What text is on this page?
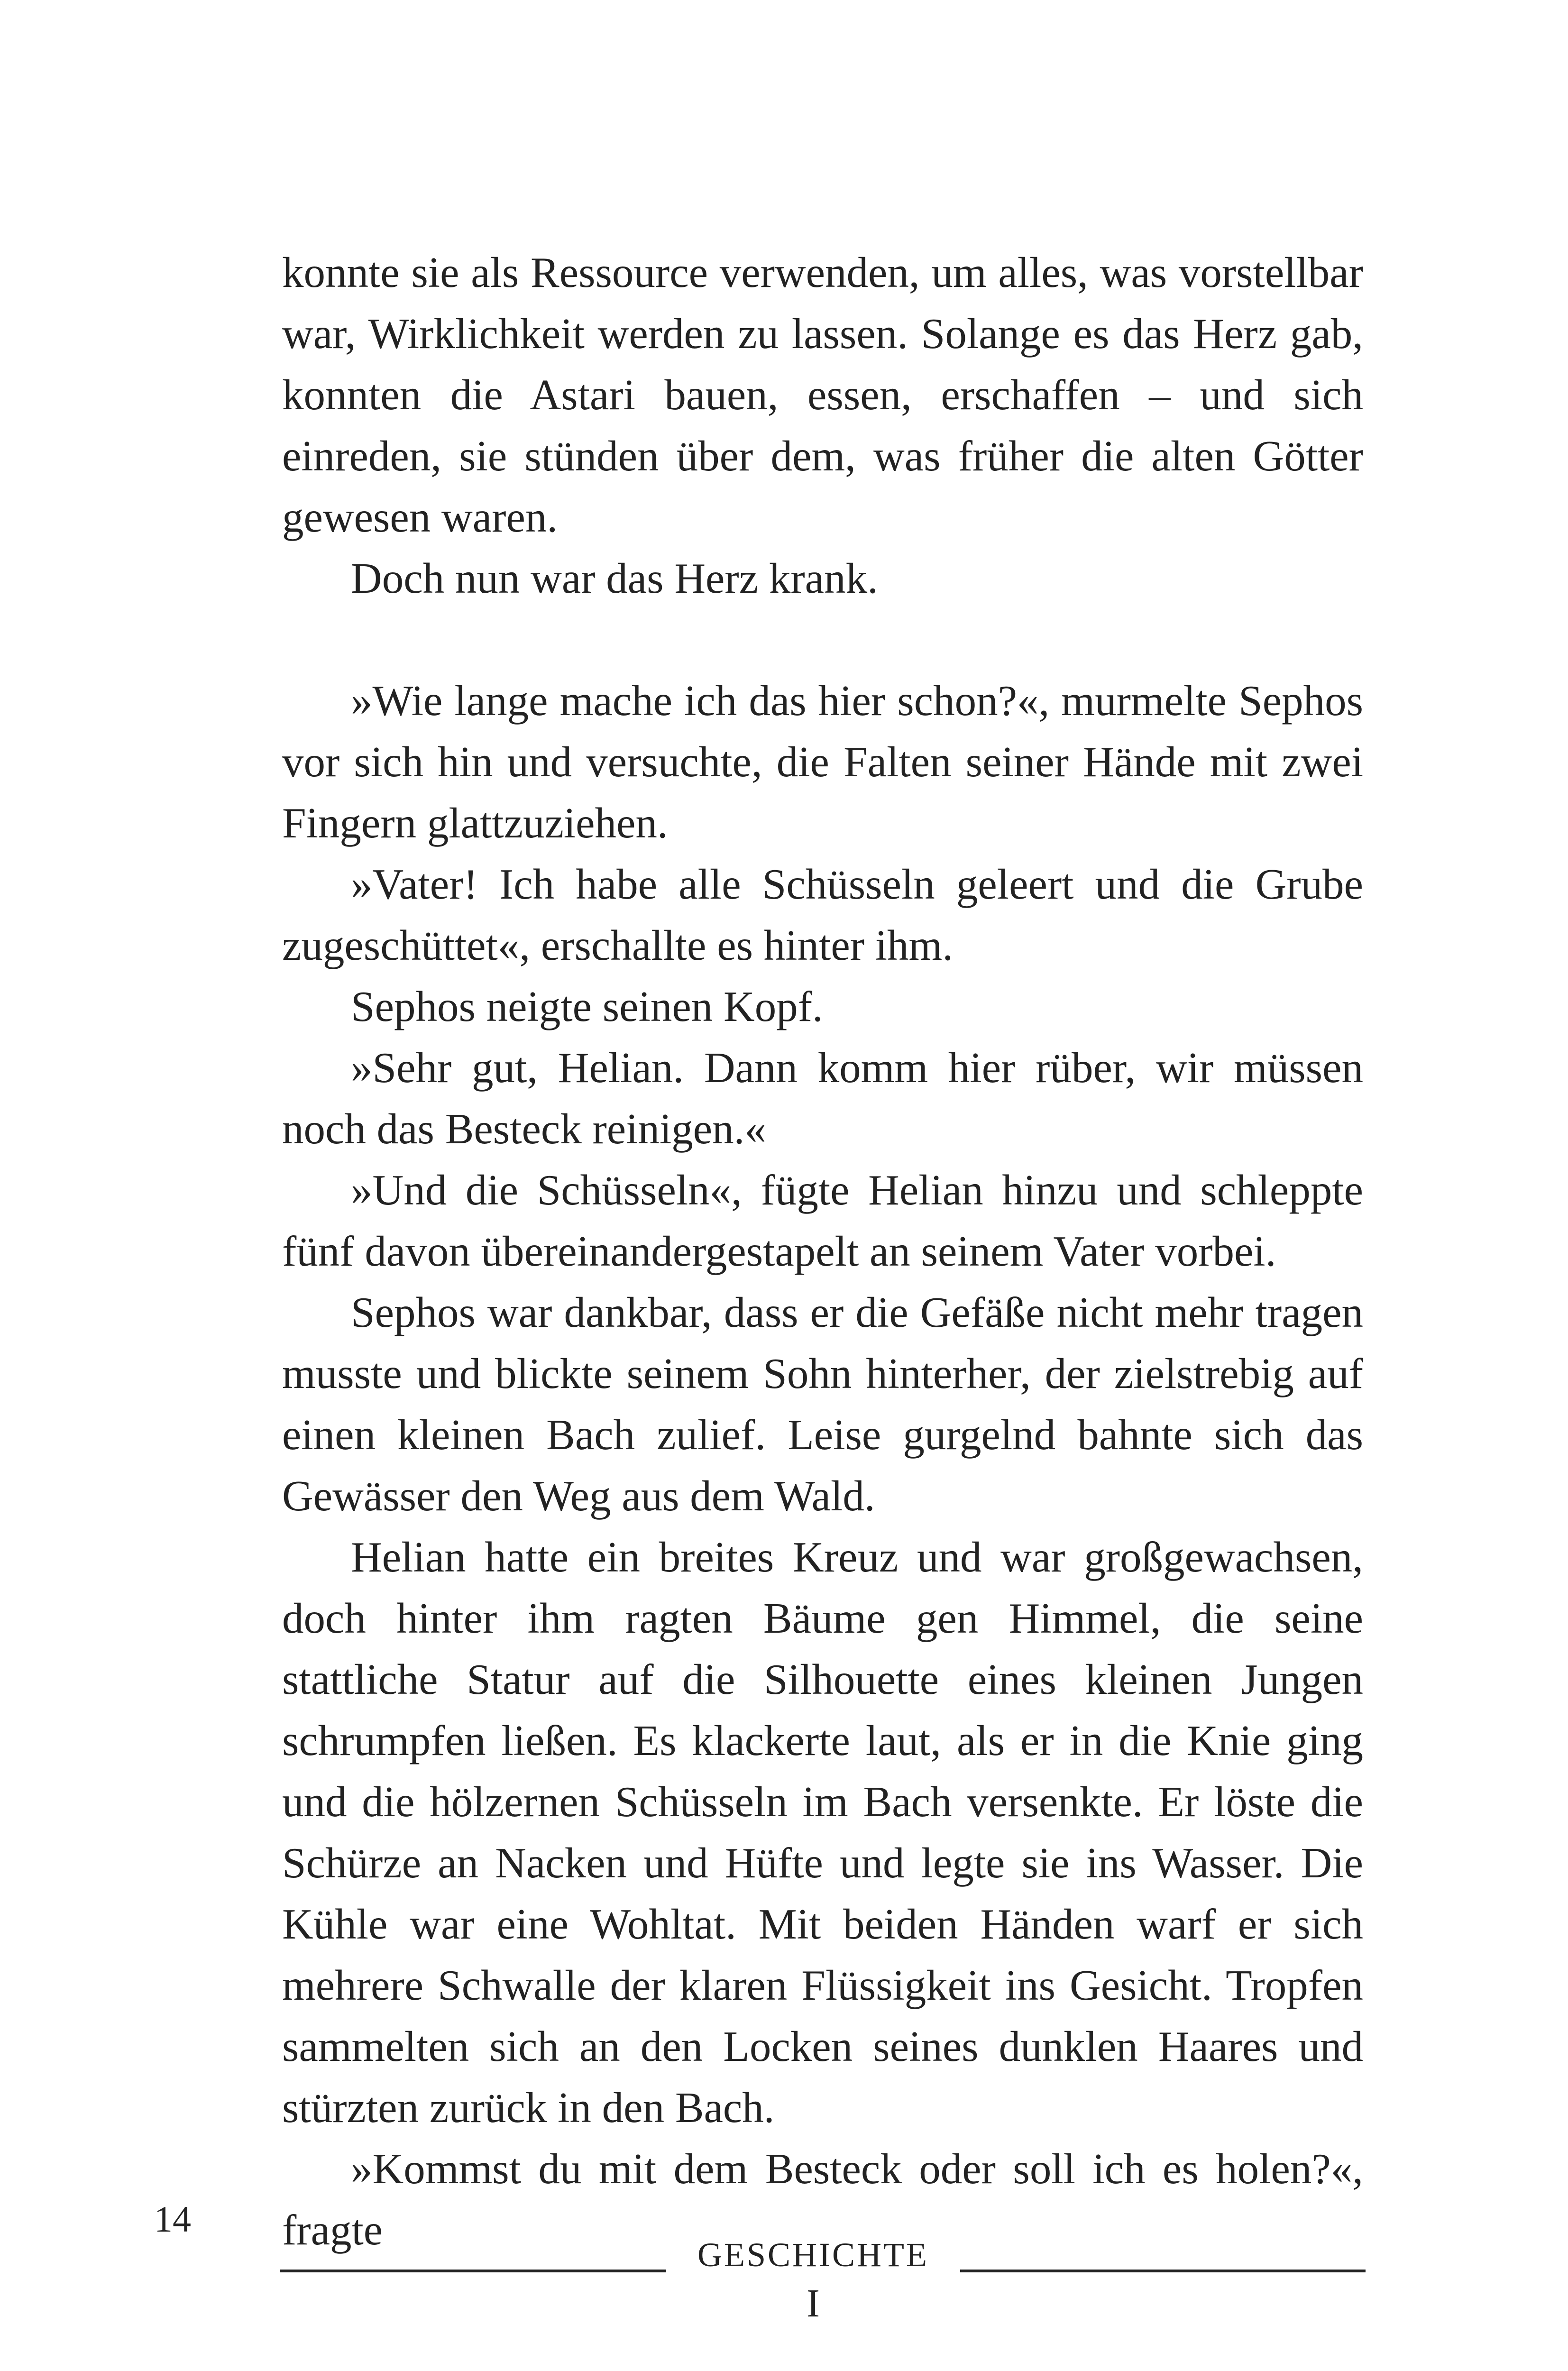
konnte sie als Ressource verwenden, um alles, was vorstellbar war, Wirklichkeit werden zu lassen. Solange es das Herz gab, konnten die Astari bauen, essen, erschaffen – und sich einreden, sie stünden über dem, was früher die alten Götter gewesen waren.

Doch nun war das Herz krank.

»Wie lange mache ich das hier schon?«, murmelte Sephos vor sich hin und versuchte, die Falten seiner Hände mit zwei Fingern glattzuziehen.

»Vater! Ich habe alle Schüsseln geleert und die Grube zugeschüttet«, erschallte es hinter ihm.

Sephos neigte seinen Kopf.

»Sehr gut, Helian. Dann komm hier rüber, wir müssen noch das Besteck reinigen.«

»Und die Schüsseln«, fügte Helian hinzu und schleppte fünf davon übereinandergestapelt an seinem Vater vorbei.

Sephos war dankbar, dass er die Gefäße nicht mehr tragen musste und blickte seinem Sohn hinterher, der zielstrebig auf einen kleinen Bach zulief. Leise gurgelnd bahnte sich das Gewässer den Weg aus dem Wald.

Helian hatte ein breites Kreuz und war großgewachsen, doch hinter ihm ragten Bäume gen Himmel, die seine stattliche Statur auf die Silhouette eines kleinen Jungen schrumpfen ließen. Es klackerte laut, als er in die Knie ging und die hölzernen Schüsseln im Bach versenkte. Er löste die Schürze an Nacken und Hüfte und legte sie ins Wasser. Die Kühle war eine Wohltat. Mit beiden Händen warf er sich mehrere Schwalle der klaren Flüssigkeit ins Gesicht. Tropfen sammelten sich an den Locken seines dunklen Haares und stürzten zurück in den Bach.

»Kommst du mit dem Besteck oder soll ich es holen?«, fragte

14
GESCHICHTE
I
